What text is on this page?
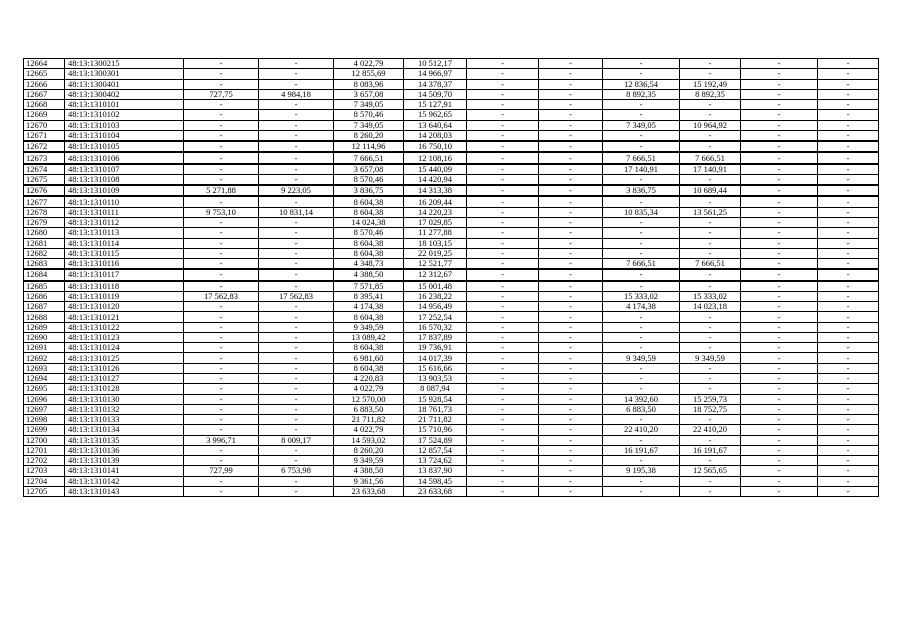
12664	48:13:1300215	-	-	4 022,79	10 512,17	-	-	-	-	-	-
12665	48:13:1300301	-	-	12 855,69	14 966,97	-	-	-	-	-	-
12666	48:13:1300401	-	-	8 083,96	14 378,37	-	-	12 836,54	15 192,49	-	-
12667	48:13:1300402	727,75	4 984,18	3 657,08	14 509,70	-	-	8 892,35	8 892,35	-	-
12668	48:13:1310101	-	-	7 349,05	15 127,91	-	-	-	-	-	-
12669	48:13:1310102	-	-	8 570,46	15 962,65	-	-	-	-	-	-
12670	48:13:1310103	-	-	7 349,05	13 640,64	-	-	7 349,05	10 964,92	-	-
12671	48:13:1310104	-	-	8 260,20	14 208,03	-	-	-	-	-	-
12672	48:13:1310105	-	-	12 114,96	16 750,10	-	-	-	-	-	-
12673	48:13:1310106	-	-	7 666,51	12 108,16	-	-	7 666,51	7 666,51	-	-
12674	48:13:1310107	-	-	3 657,08	15 440,09	-	-	17 140,91	17 140,91	-	-
12675	48:13:1310108	-	-	8 570,46	14 420,94	-	-	-	-	-	-
12676	48:13:1310109	5 271,88	9 223,05	3 836,75	14 313,38	-	-	3 836,75	10 689,44	-	-
12677	48:13:1310110	-	-	8 604,38	16 209,44	-	-	-	-	-	-
12678	48:13:1310111	9 753,10	10 831,14	8 604,38	14 220,23	-	-	10 835,34	13 561,25	-	-
12679	48:13:1310112	-	-	14 024,38	17 029,85	-	-	-	-	-	-
12680	48:13:1310113	-	-	8 570,46	11 277,88	-	-	-	-	-	-
12681	48:13:1310114	-	-	8 604,38	18 103,15	-	-	-	-	-	-
12682	48:13:1310115	-	-	8 604,38	22 019,25	-	-	-	-	-	-
12683	48:13:1310116	-	-	4 348,73	12 521,77	-	-	7 666,51	7 666,51	-	-
12684	48:13:1310117	-	-	4 388,50	12 312,67	-	-	-	-	-	-
12685	48:13:1310118	-	-	7 571,85	15 001,48	-	-	-	-	-	-
12686	48:13:1310119	17 562,83	17 562,83	8 395,41	16 238,22	-	-	15 333,02	15 333,02	-	-
12687	48:13:1310120	-	-	4 174,38	14 956,49	-	-	4 174,38	14 023,18	-	-
12688	48:13:1310121	-	-	8 604,38	17 252,54	-	-	-	-	-	-
12689	48:13:1310122	-	-	9 349,59	16 570,32	-	-	-	-	-	-
12690	48:13:1310123	-	-	13 089,42	17 837,89	-	-	-	-	-	-
12691	48:13:1310124	-	-	8 604,38	19 736,91	-	-	-	-	-	-
12692	48:13:1310125	-	-	6 981,60	14 017,39	-	-	9 349,59	9 349,59	-	-
12693	48:13:1310126	-	-	8 604,38	15 616,66	-	-	-	-	-	-
12694	48:13:1310127	-	-	4 220,83	13 903,53	-	-	-	-	-	-
12695	48:13:1310128	-	-	4 022,79	8 087,94	-	-	-	-	-	-
12696	48:13:1310130	-	-	12 570,00	15 928,54	-	-	14 392,60	15 259,73	-	-
12697	48:13:1310132	-	-	6 883,50	18 761,73	-	-	6 883,50	18 752,75	-	-
12698	48:13:1310133	-	-	21 711,82	21 711,82	-	-	-	-	-	-
12699	48:13:1310134	-	-	4 022,79	15 710,96	-	-	22 410,20	22 410,20	-	-
12700	48:13:1310135	3 996,71	8 009,17	14 593,02	17 524,89	-	-	-	-	-	-
12701	48:13:1310136	-	-	8 260,20	12 857,54	-	-	16 191,67	16 191,67	-	-
12702	48:13:1310139	-	-	9 349,59	13 724,62	-	-	-	-	-	-
12703	48:13:1310141	727,99	6 753,98	4 388,50	13 837,90	-	-	9 195,38	12 565,65	-	-
12704	48:13:1310142	-	-	9 361,56	14 598,45	-	-	-	-	-	-
12705	48:13:1310143	-	-	23 633,68	23 633,68	-	-	-	-	-	-
